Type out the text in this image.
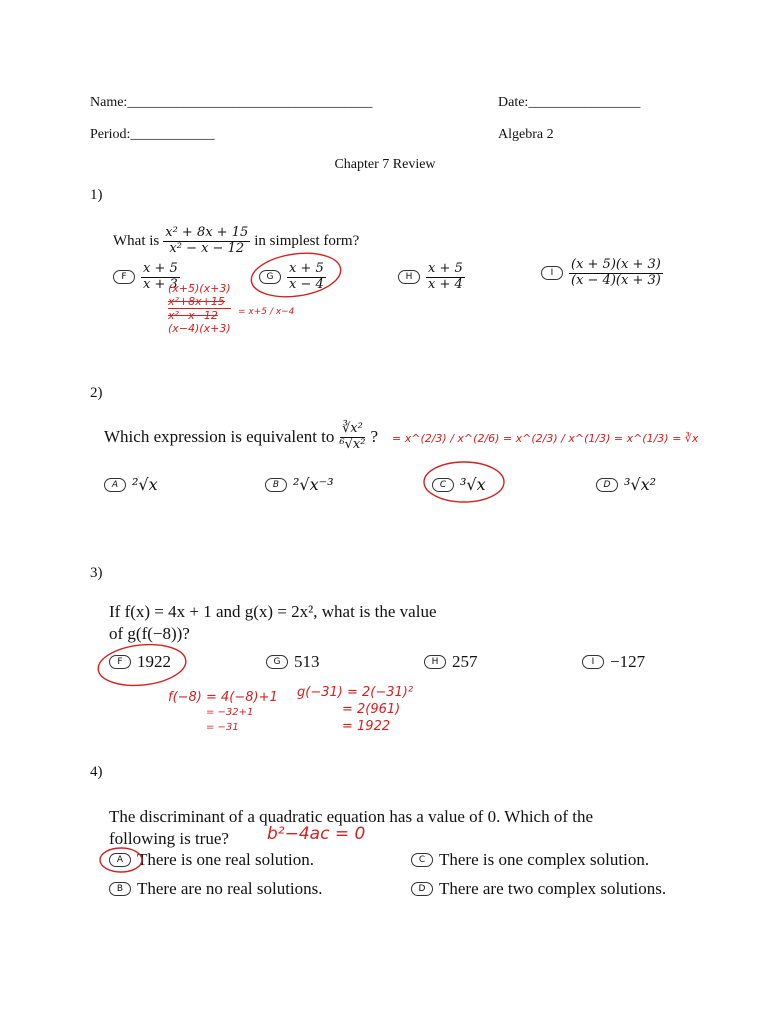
Name:___________________________________	Date:________________
Period:____________	Algebra 2
Chapter 7 Review
1)
What is $\frac{\text{x² + 8x + 15}}{\text{x² − x − 12}}$ in simplest form?
F	$\frac{x + 5}{x + 3}$	G	$\frac{x + 5}{x - 4}$	H	$\frac{x + 5}{x + 4}$	I	$\frac{(x + 5)(x + 3)}{(x - 4)(x + 3)}$
(x+5)(x+3)
x²+8x+15
x²−x−12
(x−4)(x+3)
= x+5 / x−4
2)
Which expression is equivalent to $\frac{\text{∛x²}}{\text{⁶√x²}}$ ? = x^(2/3) / x^(2/6) = x^(2/3) / x^(1/3) = x^(1/3) = ∛x
A ²√x	B ²√x⁻³	C ³√x	D ³√x²
3)
If f(x) = 4x + 1 and g(x) = 2x², what is the value
of g(f(−8))?
F 1922	G 513	H 257	I −127
f(−8) = 4(−8)+1
= −32+1
= −31
g(−31) = 2(−31)²
= 2(961)
= 1922
4)
The discriminant of a quadratic equation has a value of 0. Which of the
following is true?	b²−4ac = 0
A There is one real solution.	C There is one complex solution.
B There are no real solutions.	D There are two complex solutions.
